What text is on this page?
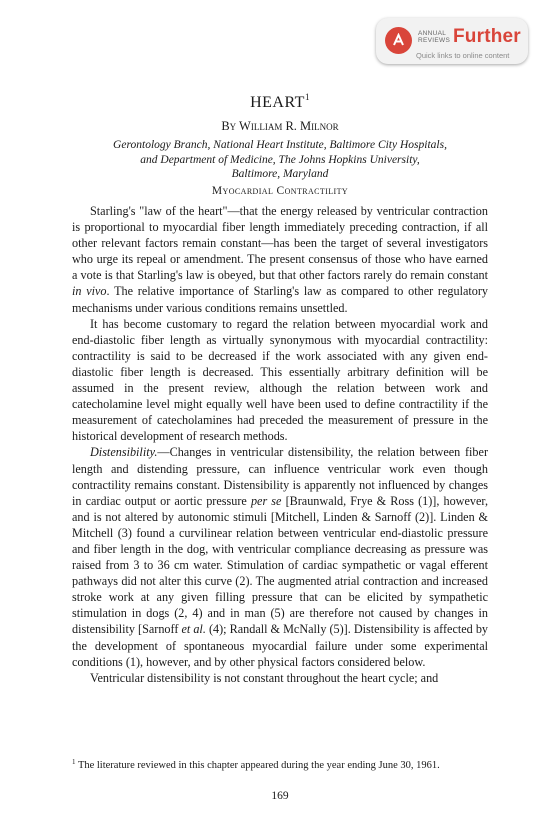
ANNUAL
REVIEWS Further
Quick links to online content
HEART$^1$
By William R. Milnor
Gerontology Branch, National Heart Institute, Baltimore City Hospitals,
and Department of Medicine, The Johns Hopkins University,
Baltimore, Maryland
Myocardial Contractility

Starling's "law of the heart"—that the energy released by ventricular contraction is proportional to myocardial fiber length immediately preceding contraction, if all other relevant factors remain constant—has been the target of several investigators who urge its repeal or amendment. The present consensus of those who have earned a vote is that Starling's law is obeyed, but that other factors rarely do remain constant in vivo. The relative importance of Starling's law as compared to other regulatory mechanisms under various conditions remains unsettled.

It has become customary to regard the relation between myocardial work and end-diastolic fiber length as virtually synonymous with myocardial contractility: contractility is said to be decreased if the work associated with any given end-diastolic fiber length is decreased. This essentially arbitrary definition will be assumed in the present review, although the relation between work and catecholamine level might equally well have been used to define contractility if the measurement of catecholamines had preceded the measurement of pressure in the historical development of research methods.

Distensibility.—Changes in ventricular distensibility, the relation between fiber length and distending pressure, can influence ventricular work even though contractility remains constant. Distensibility is apparently not influenced by changes in cardiac output or aortic pressure per se [Braunwald, Frye & Ross (1)], however, and is not altered by autonomic stimuli [Mitchell, Linden & Sarnoff (2)]. Linden & Mitchell (3) found a curvilinear relation between ventricular end-diastolic pressure and fiber length in the dog, with ventricular compliance decreasing as pressure was raised from 3 to 36 cm water. Stimulation of cardiac sympathetic or vagal efferent pathways did not alter this curve (2). The augmented atrial contraction and increased stroke work at any given filling pressure that can be elicited by sympathetic stimulation in dogs (2, 4) and in man (5) are therefore not caused by changes in distensibility [Sarnoff et al. (4); Randall & McNally (5)]. Distensibility is affected by the development of spontaneous myocardial failure under some experimental conditions (1), however, and by other physical factors considered below.

Ventricular distensibility is not constant throughout the heart cycle; and

$^1$ The literature reviewed in this chapter appeared during the year ending June 30, 1961.
169
